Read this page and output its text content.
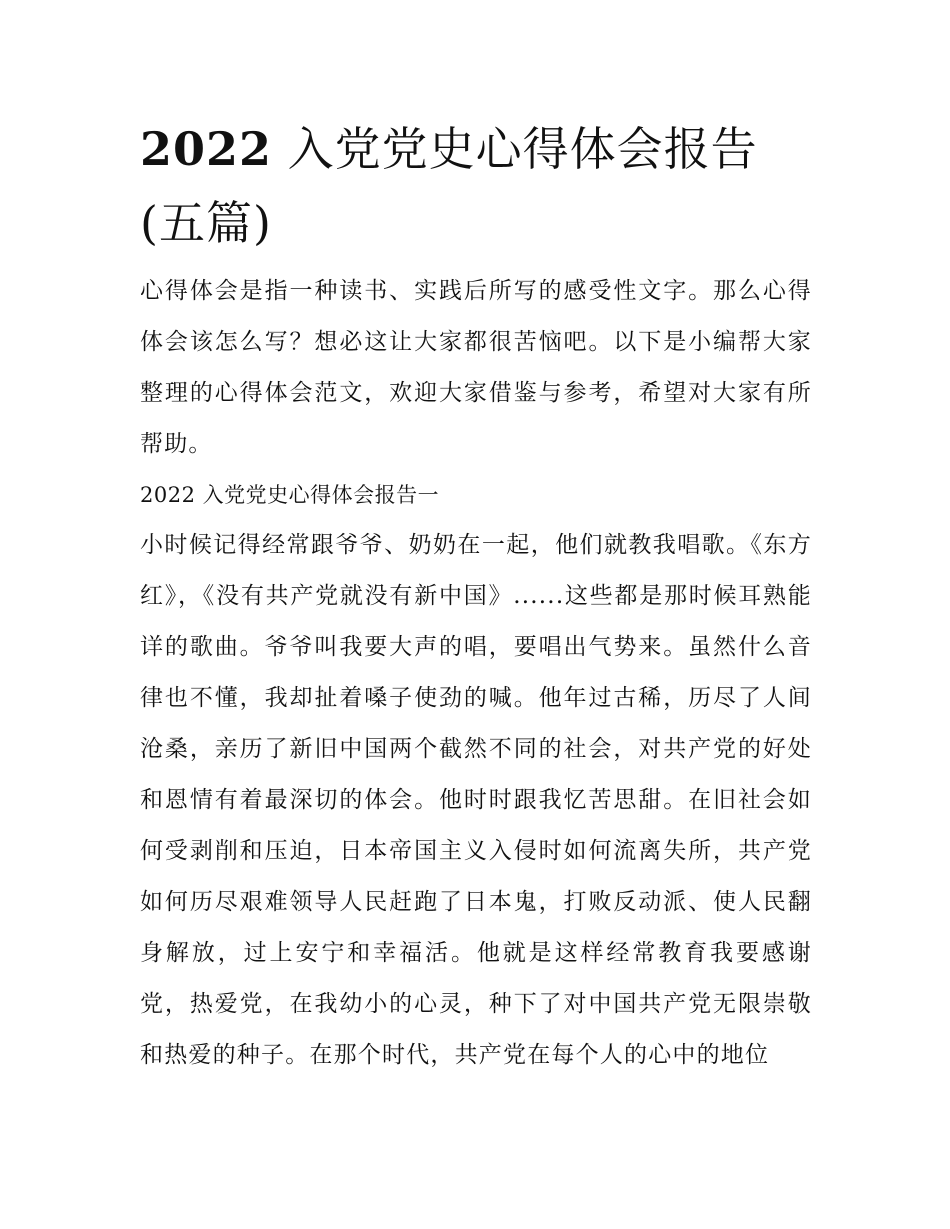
2022 入党党史心得体会报告
(五篇)

心得体会是指一种读书、实践后所写的感受性文字。那么心得体会该怎么写？想必这让大家都很苦恼吧。以下是小编帮大家整理的心得体会范文，欢迎大家借鉴与参考，希望对大家有所帮助。

2022 入党党史心得体会报告一

小时候记得经常跟爷爷、奶奶在一起，他们就教我唱歌。《东方红》，《没有共产党就没有新中国》......这些都是那时候耳熟能详的歌曲。爷爷叫我要大声的唱，要唱出气势来。虽然什么音律也不懂，我却扯着嗓子使劲的喊。他年过古稀，历尽了人间沧桑，亲历了新旧中国两个截然不同的社会，对共产党的好处和恩情有着最深切的体会。他时时跟我忆苦思甜。在旧社会如何受剥削和压迫，日本帝国主义入侵时如何流离失所，共产党如何历尽艰难领导人民赶跑了日本鬼，打败反动派、使人民翻身解放，过上安宁和幸福活。他就是这样经常教育我要感谢党，热爱党，在我幼小的心灵，种下了对中国共产党无限崇敬和热爱的种子。在那个时代，共产党在每个人的心中的地位
